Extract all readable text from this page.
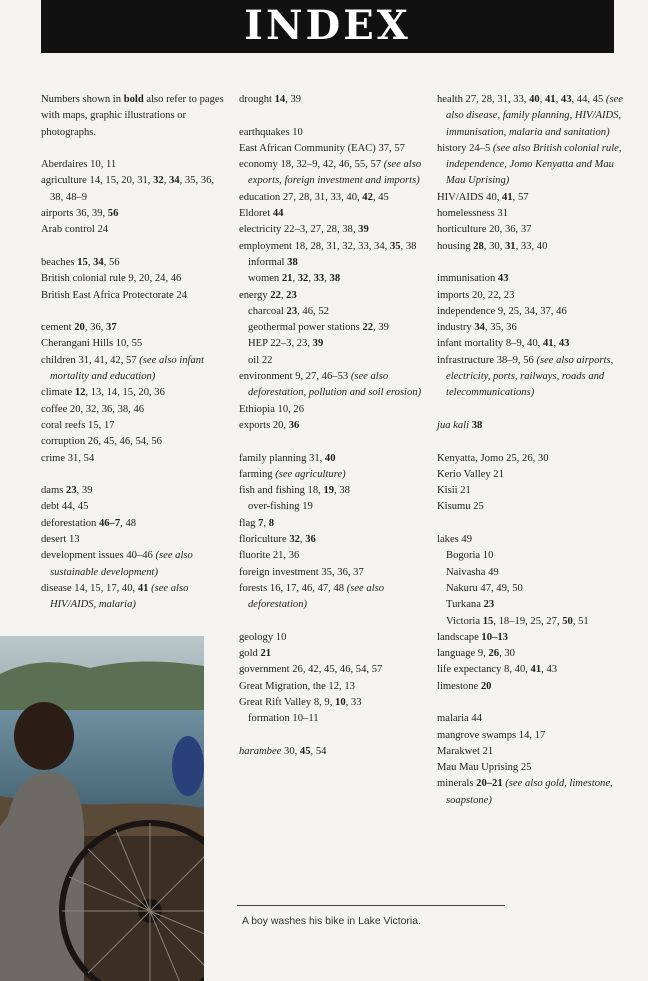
INDEX
Numbers shown in bold also refer to pages with maps, graphic illustrations or photographs.
Aberdaires 10, 11
agriculture 14, 15, 20, 31, 32, 34, 35, 36, 38, 48–9
airports 36, 39, 56
Arab control 24
beaches 15, 34, 56
British colonial rule 9, 20, 24, 46
British East Africa Protectorate 24
cement 20, 36, 37
Cherangani Hills 10, 55
children 31, 41, 42, 57 (see also infant mortality and education)
climate 12, 13, 14, 15, 20, 36
coffee 20, 32, 36, 38, 46
coral reefs 15, 17
corruption 26, 45, 46, 54, 56
crime 31, 54
dams 23, 39
debt 44, 45
deforestation 46–7, 48
desert 13
development issues 40–46 (see also sustainable development)
disease 14, 15, 17, 40, 41 (see also HIV/AIDS, malaria)
drought 14, 39
earthquakes 10
East African Community (EAC) 37, 57
economy 18, 32–9, 42, 46, 55, 57 (see also exports, foreign investment and imports)
education 27, 28, 31, 33, 40, 42, 45
Eldoret 44
electricity 22–3, 27, 28, 38, 39
employment 18, 28, 31, 32, 33, 34, 35, 38
informal 38
women 21, 32, 33, 38
energy 22, 23
charcoal 23, 46, 52
geothermal power stations 22, 39
HEP 22–3, 23, 39
oil 22
environment 9, 27, 46–53 (see also deforestation, pollution and soil erosion)
Ethiopia 10, 26
exports 20, 36
family planning 31, 40
farming (see agriculture)
fish and fishing 18, 19, 38
over-fishing 19
flag 7, 8
floriculture 32, 36
fluorite 21, 36
foreign investment 35, 36, 37
forests 16, 17, 46, 47, 48 (see also deforestation)
geology 10
gold 21
government 26, 42, 45, 46, 54, 57
Great Migration, the 12, 13
Great Rift Valley 8, 9, 10, 33
formation 10–11
harambee 30, 45, 54
health 27, 28, 31, 33, 40, 41, 43, 44, 45 (see also disease, family planning, HIV/AIDS, immunisation, malaria and sanitation)
history 24–5 (see also British colonial rule, independence, Jomo Kenyatta and Mau Mau Uprising)
HIV/AIDS 40, 41, 57
homelessness 31
horticulture 20, 36, 37
housing 28, 30, 31, 33, 40
immunisation 43
imports 20, 22, 23
independence 9, 25, 34, 37, 46
industry 34, 35, 36
infant mortality 8–9, 40, 41, 43
infrastructure 38–9, 56 (see also airports, electricity, ports, railways, roads and telecommunications)
jua kali 38
Kenyatta, Jomo 25, 26, 30
Kerio Valley 21
Kisii 21
Kisumu 25
lakes 49
Bogoria 10
Naivasha 49
Nakuru 47, 49, 50
Turkana 23
Victoria 15, 18–19, 25, 27, 50, 51
landscape 10–13
language 9, 26, 30
life expectancy 8, 40, 41, 43
limestone 20
malaria 44
mangrove swamps 14, 17
Marakwet 21
Mau Mau Uprising 25
minerals 20–21 (see also gold, limestone, soapstone)
A boy washes his bike in Lake Victoria.
